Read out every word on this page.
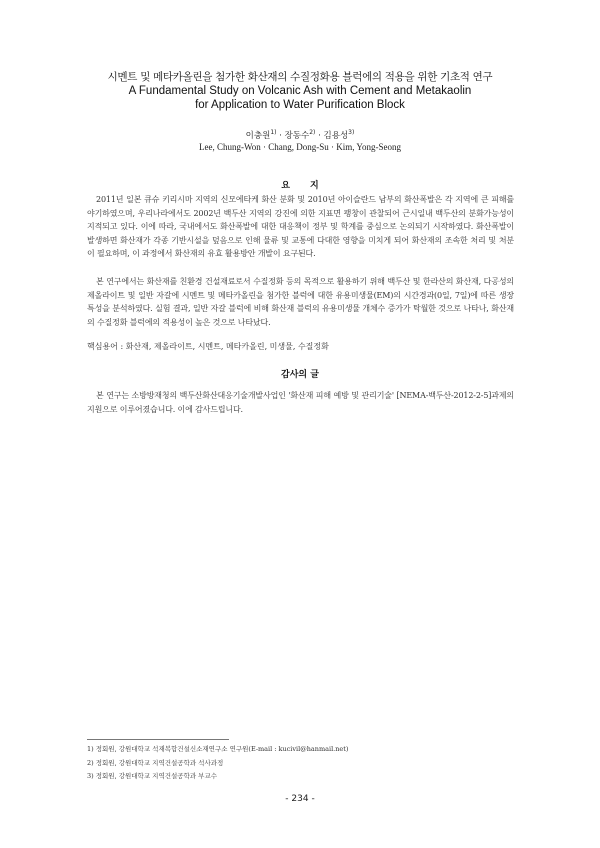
시멘트 및 메타카올린을 첨가한 화산재의 수질정화용 블럭에의 적용을 위한 기초적 연구
A Fundamental Study on Volcanic Ash with Cement and Metakaolin
for Application to Water Purification Block
이충원$^{1)}$ · 장동수$^{2)}$ · 김용성$^{3)}$
Lee, Chung-Won · Chang, Dong-Su · Kim, Yong-Seong
요지

2011년 일본 큐슈 키리시마 지역의 신모에타케 화산 분화 및 2010년 아이슬란드 남부의 화산폭발은 각 지역에 큰 피해를 야기하였으며, 우리나라에서도 2002년 백두산 지역의 강진에 의한 지표면 팽창이 관찰되어 근시일내 백두산의 분화가능성이 지적되고 있다. 이에 따라, 국내에서도 화산폭발에 대한 대응책이 정부 및 학계를 중심으로 논의되기 시작하였다. 화산폭발이 발생하면 화산재가 각종 기반시설을 덮음으로 인해 물류 및 교통에 다대한 영향을 미치게 되어 화산재의 조속한 처리 및 처분이 필요하며, 이 과정에서 화산재의 유효 활용방안 개발이 요구된다.

본 연구에서는 화산재를 친환경 건설재료로서 수질정화 등의 목적으로 활용하기 위해 백두산 및 한라산의 화산재, 다공성의 제올라이트 및 일반 자갈에 시멘트 및 메타카올린을 첨가한 블럭에 대한 유용미생물(EM)의 시간경과(0일, 7일)에 따른 생장 특성을 분석하였다. 실험 결과, 일반 자갈 블럭에 비해 화산재 블럭의 유용미생물 개체수 증가가 탁월한 것으로 나타나, 화산재의 수질정화 블럭에의 적용성이 높은 것으로 나타났다.

핵심용어 : 화산재, 제올라이트, 시멘트, 메타카올린, 미생물, 수질정화

감사의 글

본 연구는 소방방재청의 백두산화산대응기술개발사업인 '화산재 피해 예방 및 관리기술' [NEMA-백두산-2012-2-5]과제의 지원으로 이루어졌습니다. 이에 감사드립니다.

1) 정회원, 강원대학교 석재복합건설신소재연구소 연구원(E-mail : kucivil@hanmail.net)
2) 정회원, 강원대학교 지역건설공학과 석사과정
3) 정회원, 강원대학교 지역건설공학과 부교수
- 234 -
